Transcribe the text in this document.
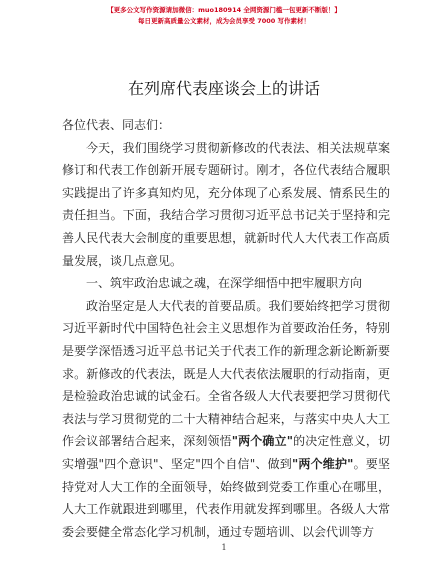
【更多公文写作资源请加微信：muo180914 全网资源门槛一包更新不断版！】
每日更新高质量公文素材，成为会员享受 7000 写作素材！
在列席代表座谈会上的讲话

各位代表、同志们：

今天，我们围绕学习贯彻新修改的代表法、相关法规草案修订和代表工作创新开展专题研讨。刚才，各位代表结合履职实践提出了许多真知灼见，充分体现了心系发展、情系民生的责任担当。下面，我结合学习贯彻习近平总书记关于坚持和完善人民代表大会制度的重要思想，就新时代人大代表工作高质量发展，谈几点意见。

一、筑牢政治忠诚之魂，在深学细悟中把牢履职方向

政治坚定是人大代表的首要品质。我们要始终把学习贯彻习近平新时代中国特色社会主义思想作为首要政治任务，特别是要学深悟透习近平总书记关于代表工作的新理念新论断新要求。新修改的代表法，既是人大代表依法履职的行动指南，更是检验政治忠诚的试金石。全省各级人大代表要把学习贯彻代表法与学习贯彻党的二十大精神结合起来，与落实中央人大工作会议部署结合起来，深刻领悟"两个确立"的决定性意义，切实增强"四个意识"、坚定"四个自信"、做到"两个维护"。要坚持党对人大工作的全面领导，始终做到党委工作重心在哪里，人大工作就跟进到哪里，代表作用就发挥到哪里。各级人大常委会要健全常态化学习机制，通过专题培训、以会代训等方

1
